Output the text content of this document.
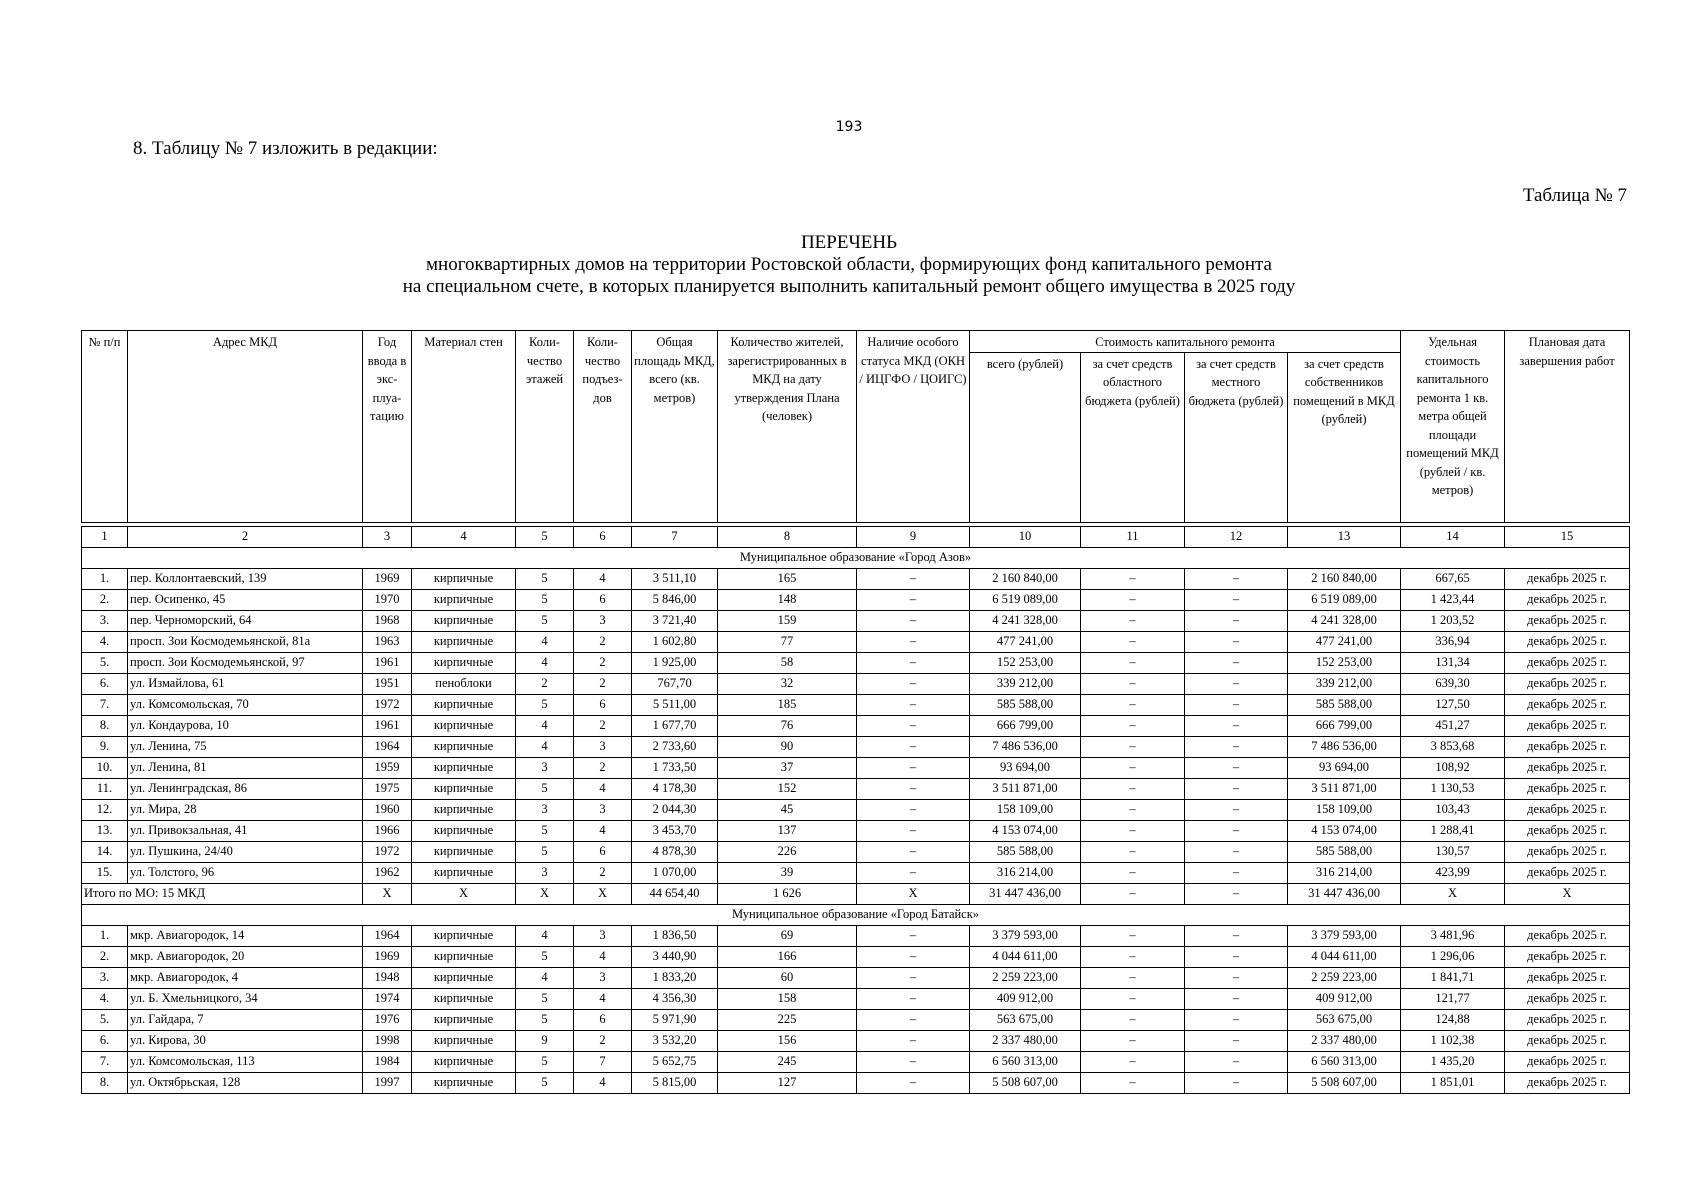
193
8. Таблицу № 7 изложить в редакции:
Таблица № 7
ПЕРЕЧЕНЬ
многоквартирных домов на территории Ростовской области, формирующих фонд капитального ремонта
на специальном счете, в которых планируется выполнить капитальный ремонт общего имущества в 2025 году
№ п/п	Адрес МКД	Год ввода в экс-плуа-тацию	Материал стен	Коли-чество этажей	Коли-чество подъез-дов	Общая площадь МКД, всего (кв. метров)	Количество жителей, зарегистрированных в МКД на дату утверждения Плана (человек)	Наличие особого статуса МКД (ОКН / ИЦГФО / ЦОИГС)	Стоимость капитального ремонта				Удельная стоимость капитального ремонта 1 кв. метра общей площади помещений МКД (рублей / кв. метров)	Плановая дата завершения работ
									всего (рублей)	за счет средств областного бюджета (рублей)	за счет средств местного бюджета (рублей)	за счет средств собственников помещений в МКД (рублей)		

1	2	3	4	5	6	7	8	9	10	11	12	13	14	15
Муниципальное образование «Город Азов»														
1.	пер. Коллонтаевский, 139	1969	кирпичные	5	4	3 511,10	165	–	2 160 840,00	–	–	2 160 840,00	667,65	декабрь 2025 г.
2.	пер. Осипенко, 45	1970	кирпичные	5	6	5 846,00	148	–	6 519 089,00	–	–	6 519 089,00	1 423,44	декабрь 2025 г.
3.	пер. Черноморский, 64	1968	кирпичные	5	3	3 721,40	159	–	4 241 328,00	–	–	4 241 328,00	1 203,52	декабрь 2025 г.
4.	просп. Зои Космодемьянской, 81а	1963	кирпичные	4	2	1 602,80	77	–	477 241,00	–	–	477 241,00	336,94	декабрь 2025 г.
5.	просп. Зои Космодемьянской, 97	1961	кирпичные	4	2	1 925,00	58	–	152 253,00	–	–	152 253,00	131,34	декабрь 2025 г.
6.	ул. Измайлова, 61	1951	пеноблоки	2	2	767,70	32	–	339 212,00	–	–	339 212,00	639,30	декабрь 2025 г.
7.	ул. Комсомольская, 70	1972	кирпичные	5	6	5 511,00	185	–	585 588,00	–	–	585 588,00	127,50	декабрь 2025 г.
8.	ул. Кондаурова, 10	1961	кирпичные	4	2	1 677,70	76	–	666 799,00	–	–	666 799,00	451,27	декабрь 2025 г.
9.	ул. Ленина, 75	1964	кирпичные	4	3	2 733,60	90	–	7 486 536,00	–	–	7 486 536,00	3 853,68	декабрь 2025 г.
10.	ул. Ленина, 81	1959	кирпичные	3	2	1 733,50	37	–	93 694,00	–	–	93 694,00	108,92	декабрь 2025 г.
11.	ул. Ленинградская, 86	1975	кирпичные	5	4	4 178,30	152	–	3 511 871,00	–	–	3 511 871,00	1 130,53	декабрь 2025 г.
12.	ул. Мира, 28	1960	кирпичные	3	3	2 044,30	45	–	158 109,00	–	–	158 109,00	103,43	декабрь 2025 г.
13.	ул. Привокзальная, 41	1966	кирпичные	5	4	3 453,70	137	–	4 153 074,00	–	–	4 153 074,00	1 288,41	декабрь 2025 г.
14.	ул. Пушкина, 24/40	1972	кирпичные	5	6	4 878,30	226	–	585 588,00	–	–	585 588,00	130,57	декабрь 2025 г.
15.	ул. Толстого, 96	1962	кирпичные	3	2	1 070,00	39	–	316 214,00	–	–	316 214,00	423,99	декабрь 2025 г.
Итого по МО: 15 МКД		X	X	X	X	44 654,40	1 626	X	31 447 436,00	–	–	31 447 436,00	X	X
Муниципальное образование «Город Батайск»														
1.	мкр. Авиагородок, 14	1964	кирпичные	4	3	1 836,50	69	–	3 379 593,00	–	–	3 379 593,00	3 481,96	декабрь 2025 г.
2.	мкр. Авиагородок, 20	1969	кирпичные	5	4	3 440,90	166	–	4 044 611,00	–	–	4 044 611,00	1 296,06	декабрь 2025 г.
3.	мкр. Авиагородок, 4	1948	кирпичные	4	3	1 833,20	60	–	2 259 223,00	–	–	2 259 223,00	1 841,71	декабрь 2025 г.
4.	ул. Б. Хмельницкого, 34	1974	кирпичные	5	4	4 356,30	158	–	409 912,00	–	–	409 912,00	121,77	декабрь 2025 г.
5.	ул. Гайдара, 7	1976	кирпичные	5	6	5 971,90	225	–	563 675,00	–	–	563 675,00	124,88	декабрь 2025 г.
6.	ул. Кирова, 30	1998	кирпичные	9	2	3 532,20	156	–	2 337 480,00	–	–	2 337 480,00	1 102,38	декабрь 2025 г.
7.	ул. Комсомольская, 113	1984	кирпичные	5	7	5 652,75	245	–	6 560 313,00	–	–	6 560 313,00	1 435,20	декабрь 2025 г.
8.	ул. Октябрьская, 128	1997	кирпичные	5	4	5 815,00	127	–	5 508 607,00	–	–	5 508 607,00	1 851,01	декабрь 2025 г.
